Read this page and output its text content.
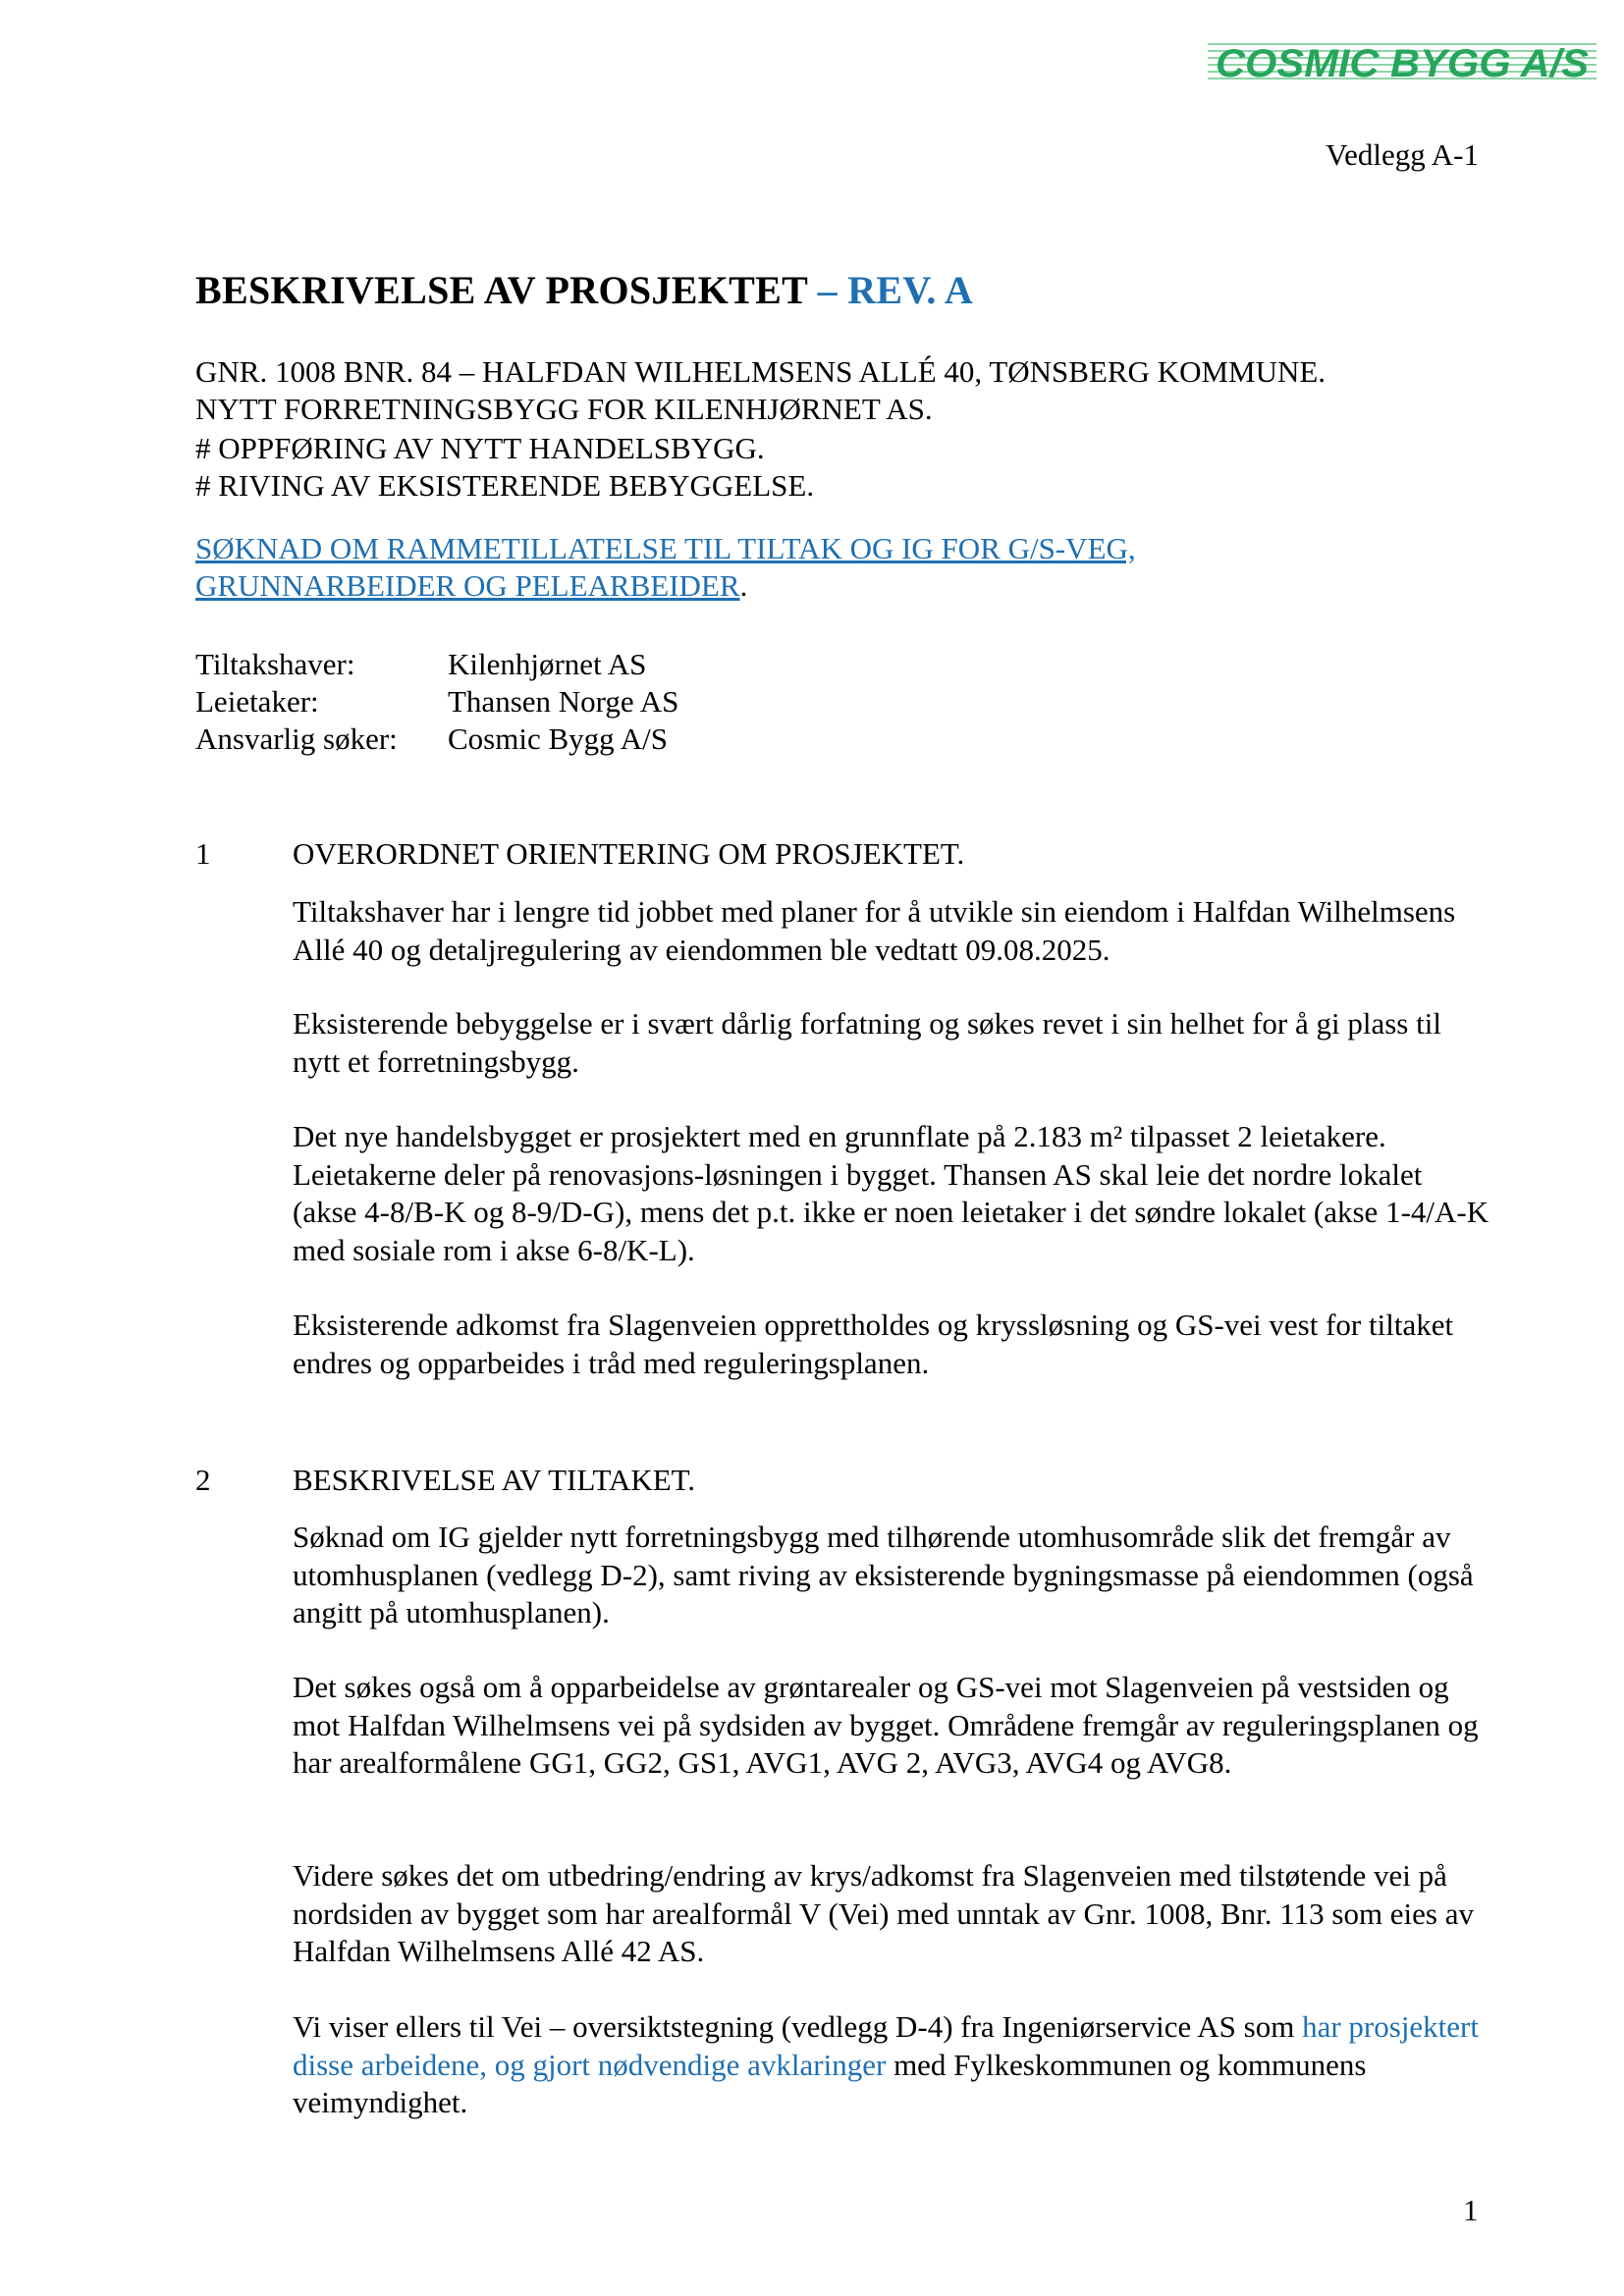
COSMIC BYGG A/S
Vedlegg A-1
BESKRIVELSE AV PROSJEKTET – REV. A
GNR. 1008 BNR. 84 – HALFDAN WILHELMSENS ALLÉ 40, TØNSBERG KOMMUNE.
NYTT FORRETNINGSBYGG FOR KILENHJØRNET AS.
# OPPFØRING AV NYTT HANDELSBYGG.
# RIVING AV EKSISTERENDE BEBYGGELSE.
SØKNAD OM RAMMETILLATELSE TIL TILTAK OG IG FOR G/S-VEG,
GRUNNARBEIDER OG PELEARBEIDER.
Tiltakshaver:	Kilenhjørnet AS
Leietaker:	Thansen Norge AS
Ansvarlig søker: Cosmic Bygg A/S
1	OVERORDNET ORIENTERING OM PROSJEKTET.

Tiltakshaver har i lengre tid jobbet med planer for å utvikle sin eiendom i Halfdan Wilhelmsens Allé 40 og detaljregulering av eiendommen ble vedtatt 09.08.2025.

Eksisterende bebyggelse er i svært dårlig forfatning og søkes revet i sin helhet for å gi plass til nytt et forretningsbygg.

Det nye handelsbygget er prosjektert med en grunnflate på 2.183 m² tilpasset 2 leietakere. Leietakerne deler på renovasjons-løsningen i bygget. Thansen AS skal leie det nordre lokalet (akse 4-8/B-K og 8-9/D-G), mens det p.t. ikke er noen leietaker i det søndre lokalet (akse 1-4/A-K med sosiale rom i akse 6-8/K-L).

Eksisterende adkomst fra Slagenveien opprettholdes og kryssløsning og GS-vei vest for tiltaket endres og opparbeides i tråd med reguleringsplanen.

2	BESKRIVELSE AV TILTAKET.

Søknad om IG gjelder nytt forretningsbygg med tilhørende utomhusområde slik det fremgår av utomhusplanen (vedlegg D-2), samt riving av eksisterende bygningsmasse på eiendommen (også angitt på utomhusplanen).

Det søkes også om å opparbeidelse av grøntarealer og GS-vei mot Slagenveien på vestsiden og mot Halfdan Wilhelmsens vei på sydsiden av bygget. Områdene fremgår av reguleringsplanen og har arealformålene GG1, GG2, GS1, AVG1, AVG 2, AVG3, AVG4 og AVG8.

Videre søkes det om utbedring/endring av krys/adkomst fra Slagenveien med tilstøtende vei på nordsiden av bygget som har arealformål V (Vei) med unntak av Gnr. 1008, Bnr. 113 som eies av Halfdan Wilhelmsens Allé 42 AS.

Vi viser ellers til Vei – oversiktstegning (vedlegg D-4) fra Ingeniørservice AS som har prosjektert disse arbeidene, og gjort nødvendige avklaringer med Fylkeskommunen og kommunens veimyndighet.

1
